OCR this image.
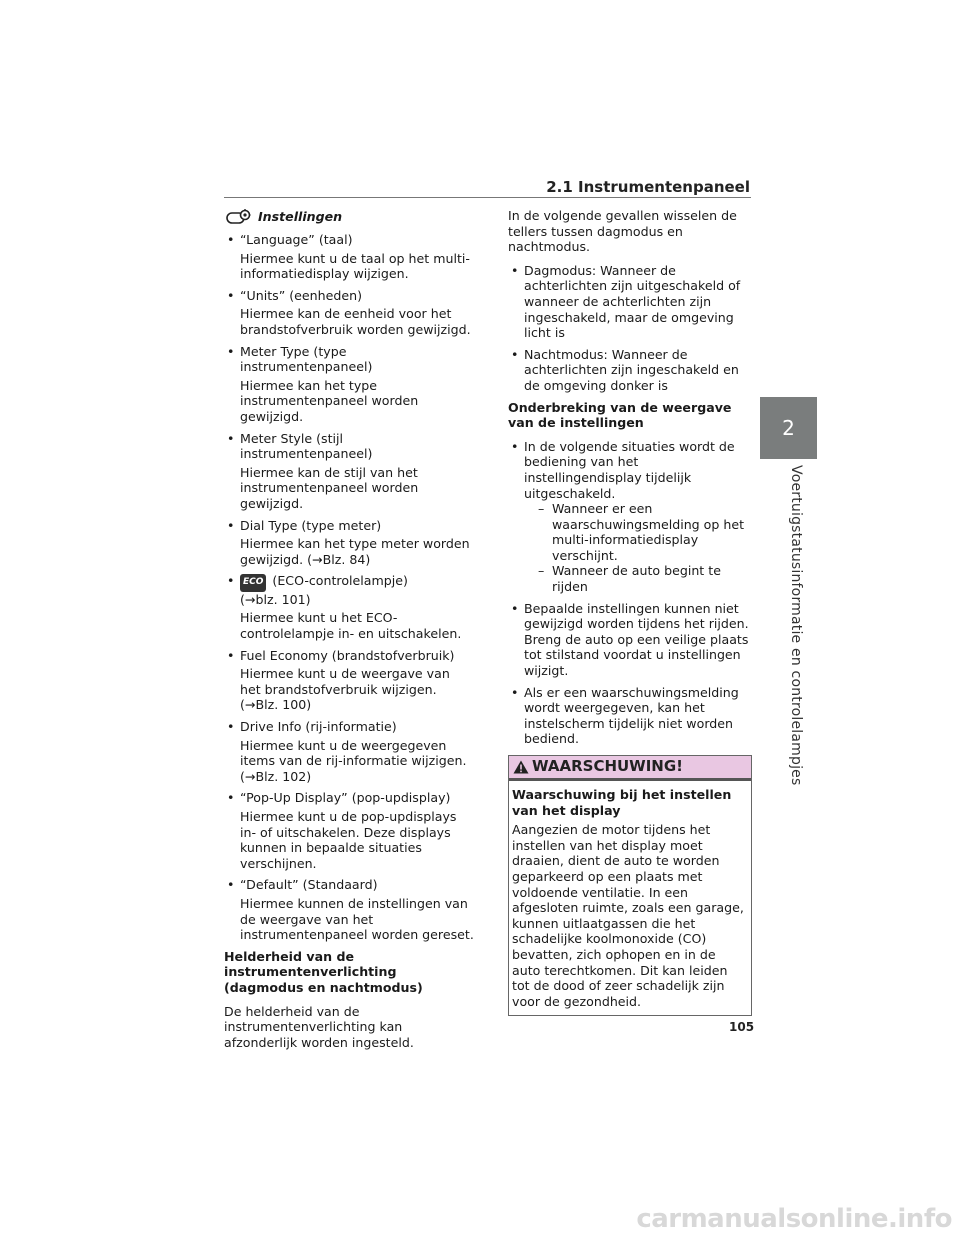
2.1 Instrumentenpaneel
2
Voertuigstatusinformatie en controlelampjes
Instellingen
• “Language” (taal)
Hiermee kunt u de taal op het multi-informatiedisplay wijzigen.
• “Units” (eenheden)
Hiermee kan de eenheid voor het brandstofverbruik worden gewijzigd.
• Meter Type (type instrumentenpaneel)
Hiermee kan het type instrumentenpaneel worden gewijzigd.
• Meter Style (stijl instrumentenpaneel)
Hiermee kan de stijl van het instrumentenpaneel worden gewijzigd.
• Dial Type (type meter)
Hiermee kan het type meter worden gewijzigd. (→Blz. 84)
• ECO (ECO-controlelampje)
(→blz. 101)
Hiermee kunt u het ECO-controlelampje in- en uitschakelen.
• Fuel Economy (brandstofverbruik)
Hiermee kunt u de weergave van het brandstofverbruik wijzigen.
(→Blz. 100)
• Drive Info (rij-informatie)
Hiermee kunt u de weergegeven items van de rij-informatie wijzigen.
(→Blz. 102)
• “Pop-Up Display” (pop-updisplay)
Hiermee kunt u de pop-updisplays in- of uitschakelen. Deze displays kunnen in bepaalde situaties verschijnen.
• “Default” (Standaard)
Hiermee kunnen de instellingen van de weergave van het instrumentenpaneel worden gereset.
Helderheid van de instrumentenverlichting (dagmodus en nachtmodus)
De helderheid van de instrumentenverlichting kan afzonderlijk worden ingesteld.
In de volgende gevallen wisselen de tellers tussen dagmodus en nachtmodus.
• Dagmodus: Wanneer de achterlichten zijn uitgeschakeld of wanneer de achterlichten zijn ingeschakeld, maar de omgeving licht is
• Nachtmodus: Wanneer de achterlichten zijn ingeschakeld en de omgeving donker is
Onderbreking van de weergave van de instellingen
• In de volgende situaties wordt de bediening van het instellingendisplay tijdelijk uitgeschakeld.
– Wanneer er een waarschuwingsmelding op het multi-informatiedisplay verschijnt.
– Wanneer de auto begint te rijden
• Bepaalde instellingen kunnen niet gewijzigd worden tijdens het rijden. Breng de auto op een veilige plaats tot stilstand voordat u instellingen wijzigt.
• Als er een waarschuwingsmelding wordt weergegeven, kan het instelscherm tijdelijk niet worden bediend.
WAARSCHUWING!
Waarschuwing bij het instellen van het display
Aangezien de motor tijdens het instellen van het display moet draaien, dient de auto te worden geparkeerd op een plaats met voldoende ventilatie. In een afgesloten ruimte, zoals een garage, kunnen uitlaatgassen die het schadelijke koolmonoxide (CO) bevatten, zich ophopen en in de auto terechtkomen. Dit kan leiden tot de dood of zeer schadelijk zijn voor de gezondheid.
105
carmanualsonline.info
